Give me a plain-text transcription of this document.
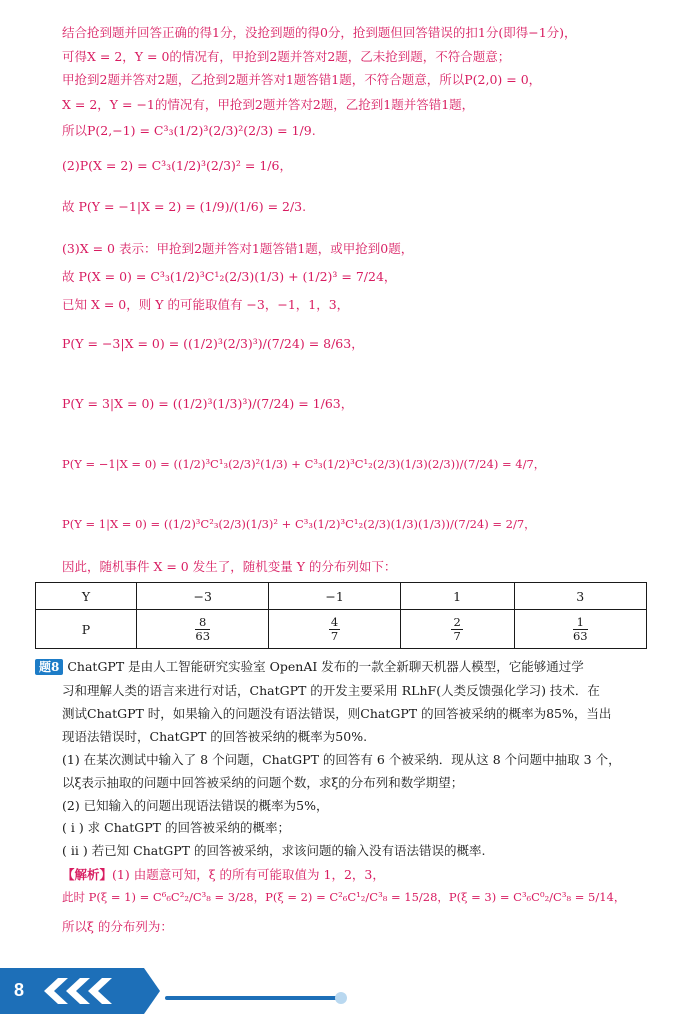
结合抢到题并回答正确的得1分，没抢到题的得0分，抢到题但回答错误的扣1分(即得−1分)，
可得X = 2，Y = 0的情况有，甲抢到2题并答对2题，乙未抢到题，不符合题意；
甲抢到2题并答对2题，乙抢到2题并答对1题答错1题，不符合题意，所以P(2,0) = 0，
X = 2，Y = −1的情况有，甲抢到2题并答对2题，乙抢到1题并答错1题，
所以P(2,−1) = C³₃(1/2)³(2/3)²(2/3) = 1/9.
(2)P(X = 2) = C³₃(1/2)³(2/3)² = 1/6，
故 P(Y = −1|X = 2) = (1/9)/(1/6) = 2/3.
(3)X = 0 表示：甲抢到2题并答对1题答错1题，或甲抢到0题，
故 P(X = 0) = C³₃(1/2)³C¹₂(2/3)(1/3) + (1/2)³ = 7/24，
已知 X = 0，则 Y 的可能取值有 −3，−1，1，3，
P(Y = −3|X = 0) = ((1/2)³(2/3)³)/(7/24) = 8/63，
P(Y = 3|X = 0) = ((1/2)³(1/3)³)/(7/24) = 1/63，
P(Y = −1|X = 0) = ((1/2)³C¹₃(2/3)²(1/3) + C³₃(1/2)³C¹₂(2/3)(1/3)(2/3))/(7/24) = 4/7，
P(Y = 1|X = 0) = ((1/2)³C²₃(2/3)(1/3)² + C³₃(1/2)³C¹₂(2/3)(1/3)(1/3))/(7/24) = 2/7，
因此，随机事件 X = 0 发生了，随机变量 Y 的分布列如下：
Y	−3	−1	1	3
P	$\frac{8}{63}$	$\frac{4}{7}$	$\frac{2}{7}$	$\frac{1}{63}$
题8 ChatGPT 是由人工智能研究实验室 OpenAI 发布的一款全新聊天机器人模型，它能够通过学
习和理解人类的语言来进行对话，ChatGPT 的开发主要采用 RLhF(人类反馈强化学习) 技术．在
测试ChatGPT 时，如果输入的问题没有语法错误，则ChatGPT 的回答被采纳的概率为85%，当出
现语法错误时，ChatGPT 的回答被采纳的概率为50%.
(1) 在某次测试中输入了 8 个问题，ChatGPT 的回答有 6 个被采纳．现从这 8 个问题中抽取 3 个，
以ξ表示抽取的问题中回答被采纳的问题个数，求ξ的分布列和数学期望；
(2) 已知输入的问题出现语法错误的概率为5%，
( i ) 求 ChatGPT 的回答被采纳的概率；
( ii ) 若已知 ChatGPT 的回答被采纳，求该问题的输入没有语法错误的概率.
【解析】(1) 由题意可知，ξ 的所有可能取值为 1，2，3，
此时 P(ξ = 1) = C⁶₆C²₂/C³₈ = 3/28，P(ξ = 2) = C²₆C¹₂/C³₈ = 15/28，P(ξ = 3) = C³₆C⁰₂/C³₈ = 5/14，
所以ξ 的分布列为：
8
